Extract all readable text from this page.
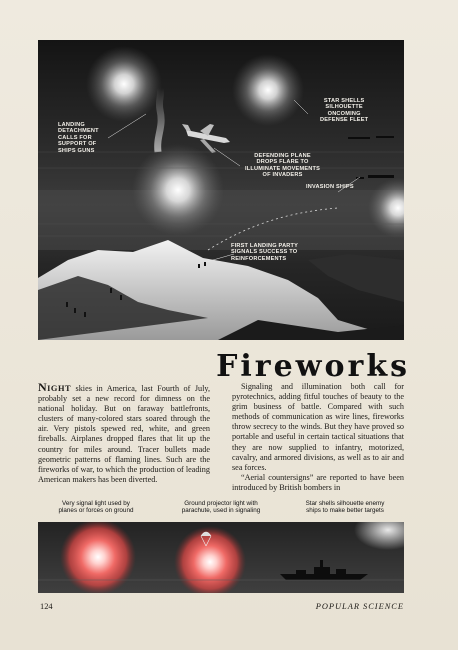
LANDING
DETACHMENT
CALLS FOR
SUPPORT OF
SHIPS GUNS
STAR SHELLS
SILHOUETTE
ONCOMING
DEFENSE FLEET
DEFENDING PLANE
DROPS FLARE TO
ILLUMINATE MOVEMENTS
OF INVADERS
INVASION SHIPS
FIRST LANDING PARTY
SIGNALS SUCCESS TO
REINFORCEMENTS
Fireworks

NIGHT skies in America, last Fourth of July, probably set a new record for dimness on the national holiday. But on faraway battlefronts, clusters of many-colored stars soared through the air. Very pistols spewed red, white, and green fireballs. Airplanes dropped flares that lit up the country for miles around. Tracer bullets made geometric patterns of flaming lines. Such are the fireworks of war, to which the production of leading American makers has been diverted.

Signaling and illumination both call for pyrotechnics, adding fitful touches of beauty to the grim business of battle. Compared with such methods of communication as wire lines, fireworks throw secrecy to the winds. But they have proved so portable and useful in certain tactical situations that they are now supplied to infantry, motorized, cavalry, and armored divisions, as well as to air and sea forces.

“Aerial countersigns” are reported to have been introduced by British bombers in

Very signal light used by
planes or forces on ground
Ground projector light with
parachute, used in signaling
Star shells silhouette enemy
ships to make better targets
124	POPULAR SCIENCE
